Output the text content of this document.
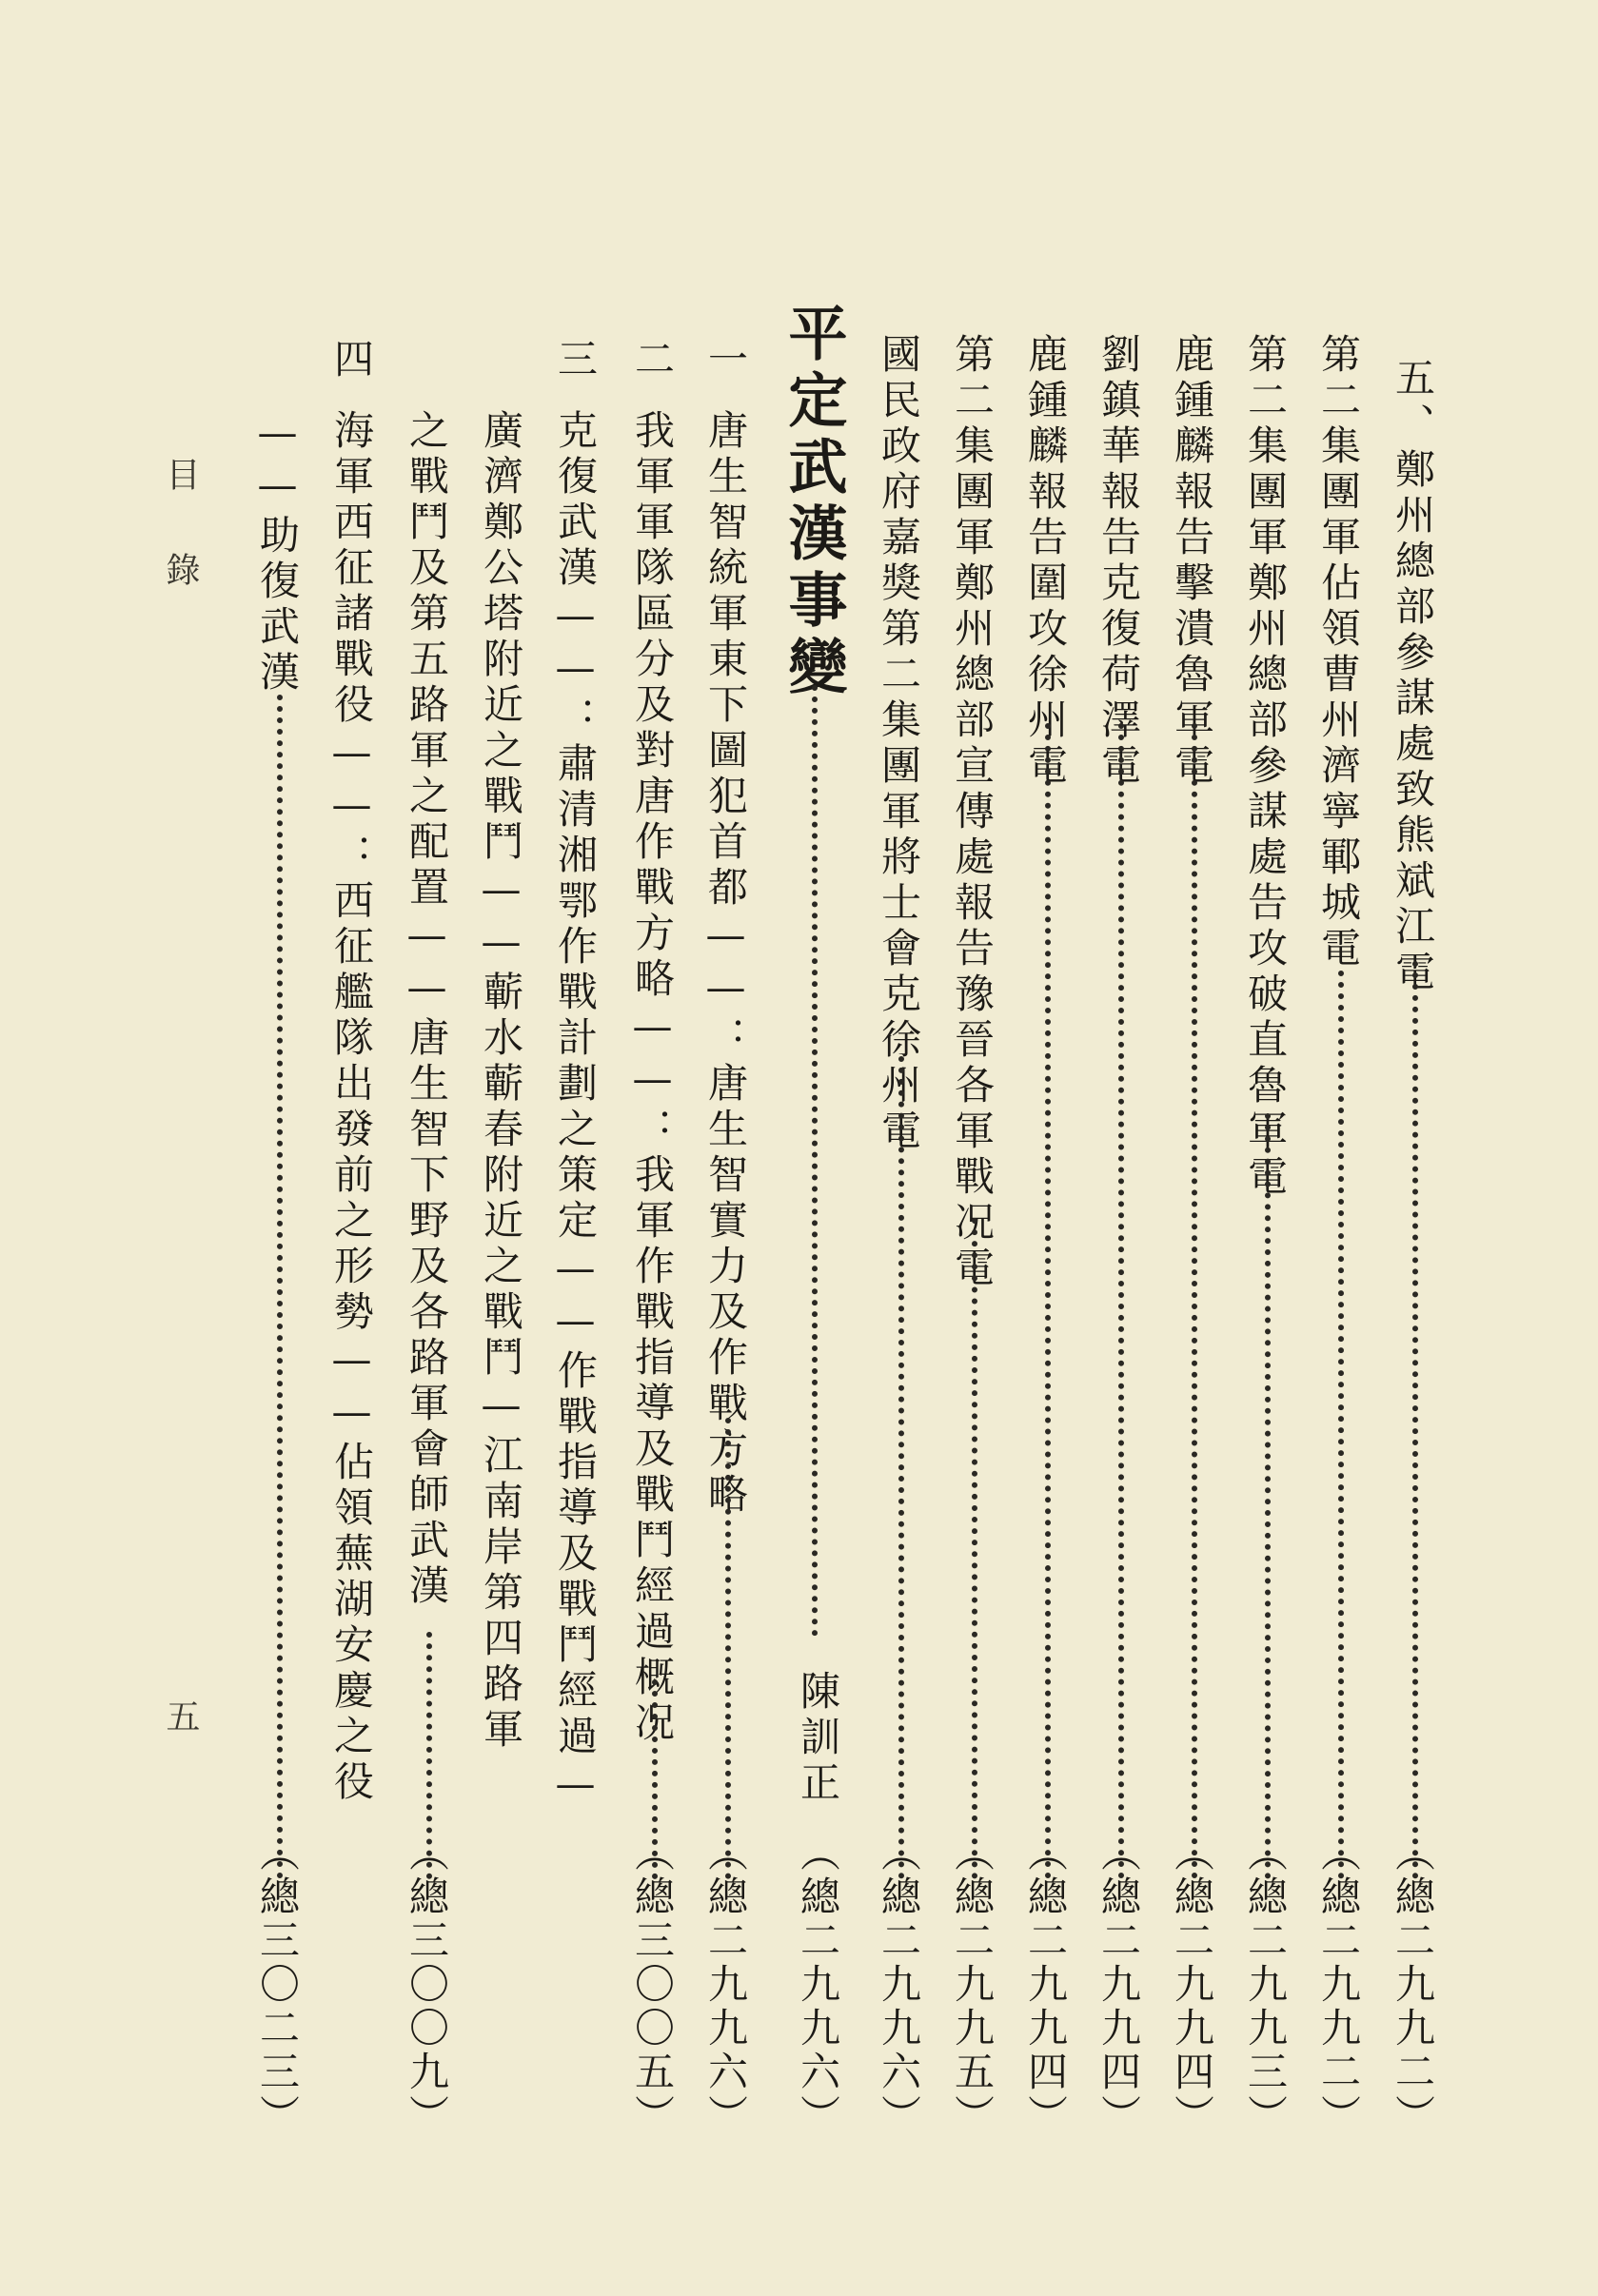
五、鄭州總部參謀處致熊斌江電
（總二九九二）
第二集團軍佔領曹州濟寧鄆城電
（總二九九二）
第二集團軍鄭州總部參謀處告攻破直魯軍電
（總二九九三）
鹿鍾麟報告擊潰魯軍電
（總二九九四）
劉鎮華報告克復荷澤電
（總二九九四）
鹿鍾麟報告圍攻徐州電
（總二九九四）
第二集團軍鄭州總部宣傳處報告豫晉各軍戰况電
（總二九九五）
國民政府嘉獎第二集團軍將士會克徐州電
（總二九九六）
平定武漢事變
陳訓正
（總二九九六）
一
唐生智統軍東下圖犯首都——：唐生智實力及作戰方略
（總二九九六）
二
我軍軍隊區分及對唐作戰方略——：我軍作戰指導及戰鬥經過概况
（總三〇〇五）
三
克復武漢——：肅清湘鄂作戰計劃之策定——作戰指導及戰鬥經過—
廣濟鄭公塔附近之戰鬥——蘄水蘄春附近之戰鬥—江南岸第四路軍
之戰鬥及第五路軍之配置——唐生智下野及各路軍會師武漢
（總三〇〇九）
四
海軍西征諸戰役——：西征艦隊出發前之形勢——佔領蕪湖安慶之役
——助復武漢
（總三〇二三）
目　錄
五
